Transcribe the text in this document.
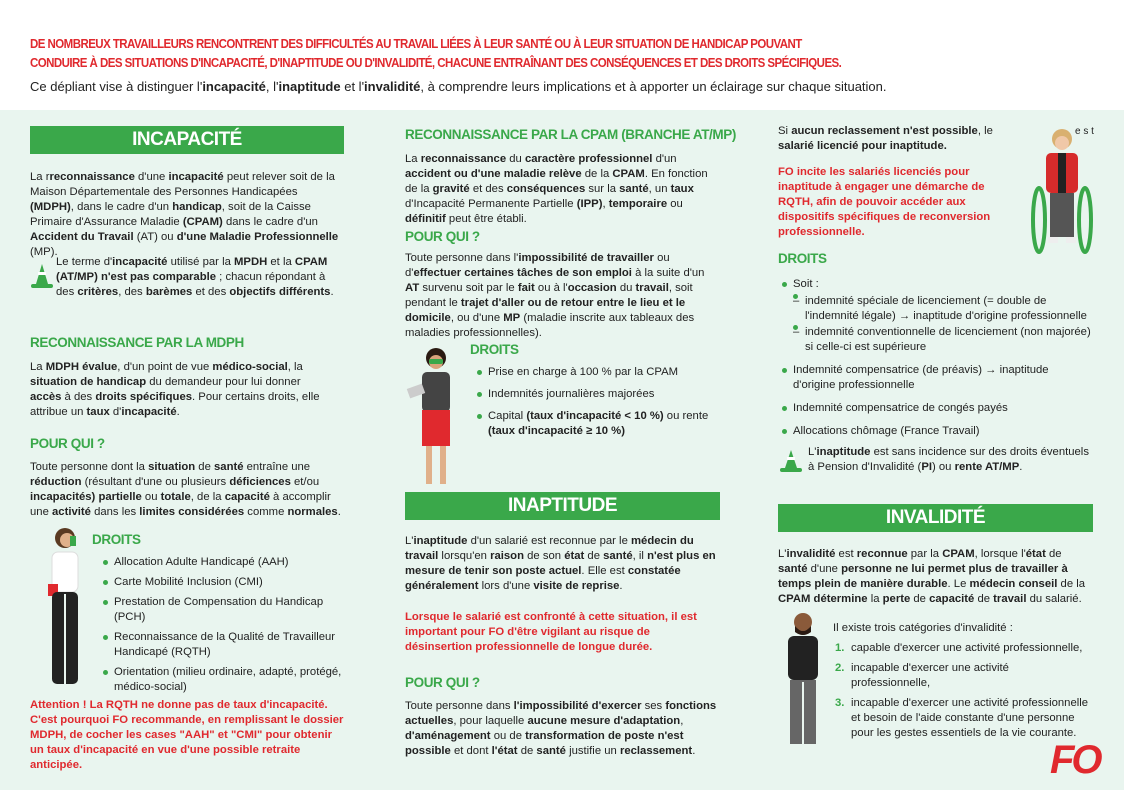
DE NOMBREUX TRAVAILLEURS RENCONTRENT DES DIFFICULTÉS AU TRAVAIL LIÉES À LEUR SANTÉ OU À LEUR SITUATION DE HANDICAP POUVANT CONDUIRE À DES SITUATIONS D'INCAPACITÉ, D'INAPTITUDE OU D'INVALIDITÉ, CHACUNE ENTRAÎNANT DES CONSÉQUENCES ET DES DROITS SPÉCIFIQUES.
Ce dépliant vise à distinguer l'incapacité, l'inaptitude et l'invalidité, à comprendre leurs implications et à apporter un éclairage sur chaque situation.
INCAPACITÉ
La rreconnaissance d'une incapacité peut relever soit de la Maison Départementale des Personnes Handicapées (MDPH), dans le cadre d'un handicap, soit de la Caisse Primaire d'Assurance Maladie (CPAM) dans le cadre d'un Accident du Travail (AT) ou d'une Maladie Professionnelle (MP).
Le terme d'incapacité utilisé par la MPDH et la CPAM (AT/MP) n'est pas comparable ; chacun répondant à des critères, des barèmes et des objectifs différents.
RECONNAISSANCE PAR LA MDPH
La MDPH évalue, d'un point de vue médico-social, la situation de handicap du demandeur pour lui donner accès à des droits spécifiques. Pour certains droits, elle attribue un taux d'incapacité.
POUR QUI ?
Toute personne dont la situation de santé entraîne une réduction (résultant d'une ou plusieurs déficiences et/ou incapacités) partielle ou totale, de la capacité à accomplir une activité dans les limites considérées comme normales.
DROITS
Allocation Adulte Handicapé (AAH)
Carte Mobilité Inclusion (CMI)
Prestation de Compensation du Handicap (PCH)
Reconnaissance de la Qualité de Travailleur Handicapé (RQTH)
Orientation (milieu ordinaire, adapté, protégé, médico-social)
Attention ! La RQTH ne donne pas de taux d'incapacité. C'est pourquoi FO recommande, en remplissant le dossier MDPH, de cocher les cases "AAH" et "CMI" pour obtenir un taux d'incapacité en vue d'une possible retraite anticipée.
RECONNAISSANCE PAR LA CPAM (BRANCHE AT/MP)
La reconnaissance du caractère professionnel d'un accident ou d'une maladie relève de la CPAM. En fonction de la gravité et des conséquences sur la santé, un taux d'Incapacité Permanente Partielle (IPP), temporaire ou définitif peut être établi.
POUR QUI ?
Toute personne dans l'impossibilité de travailler ou d'effectuer certaines tâches de son emploi à la suite d'un AT survenu soit par le fait ou à l'occasion du travail, soit pendant le trajet d'aller ou de retour entre le lieu et le domicile, ou d'une MP (maladie inscrite aux tableaux des maladies professionnelles).
DROITS
Prise en charge à 100 % par la CPAM
Indemnités journalières majorées
Capital (taux d'incapacité < 10 %) ou rente (taux d'incapacité ≥ 10 %)
INAPTITUDE
L'inaptitude d'un salarié est reconnue par le médecin du travail lorsqu'en raison de son état de santé, il n'est plus en mesure de tenir son poste actuel. Elle est constatée généralement lors d'une visite de reprise.
Lorsque le salarié est confronté à cette situation, il est important pour FO d'être vigilant au risque de désinsertion professionnelle de longue durée.
POUR QUI ?
Toute personne dans l'impossibilité d'exercer ses fonctions actuelles, pour laquelle aucune mesure d'adaptation, d'aménagement ou de transformation de poste n'est possible et dont l'état de santé justifie un reclassement.
Si aucun reclassement n'est possible, le salarié licencié pour inaptitude.
e s t
FO incite les salariés licenciés pour inaptitude à engager une démarche de RQTH, afin de pouvoir accéder aux dispositifs spécifiques de reconversion professionnelle.
DROITS
Soit :
– indemnité spéciale de licenciement (= double de l'indemnité légale) → inaptitude d'origine professionnelle
– indemnité conventionnelle de licenciement (non majorée) si celle-ci est supérieure
Indemnité compensatrice (de préavis) → inaptitude d'origine professionnelle
Indemnité compensatrice de congés payés
Allocations chômage (France Travail)
L'inaptitude est sans incidence sur des droits éventuels à Pension d'Invalidité (PI) ou rente AT/MP.
INVALIDITÉ
L'invalidité est reconnue par la CPAM, lorsque l'état de santé d'une personne ne lui permet plus de travailler à temps plein de manière durable. Le médecin conseil de la CPAM détermine la perte de capacité de travail du salarié.
Il existe trois catégories d'invalidité :
1. capable d'exercer une activité professionnelle,
2. incapable d'exercer une activité professionnelle,
3. incapable d'exercer une activité professionnelle et besoin de l'aide constante d'une personne pour les gestes essentiels de la vie courante.
FO
